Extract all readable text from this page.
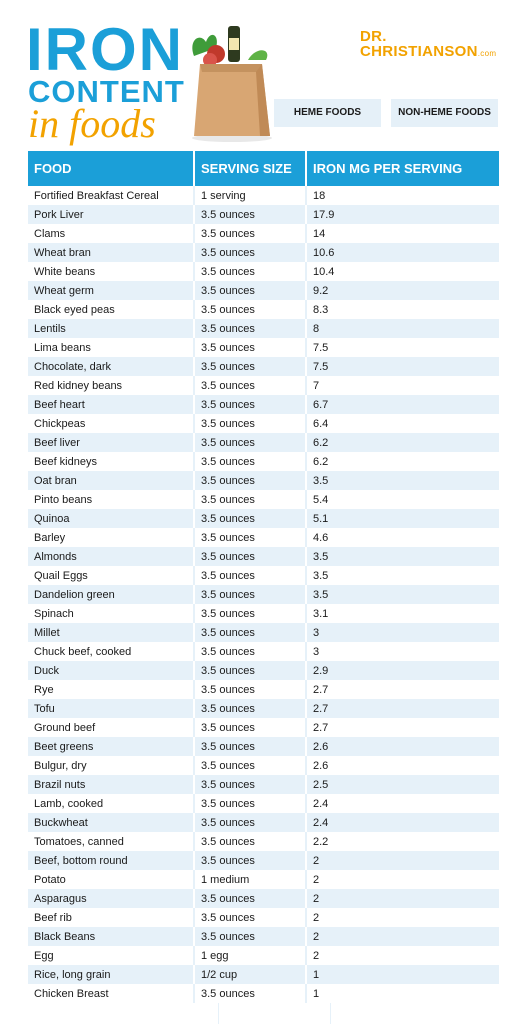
IRON
CONTENT
in foods
DR. CHRISTIANSON.com
HEME FOODS	NON-HEME FOODS
FOOD	SERVING SIZE	IRON MG PER SERVING
Fortified Breakfast Cereal	1 serving	18
Pork Liver	3.5 ounces	17.9
Clams	3.5 ounces	14
Wheat bran	3.5 ounces	10.6
White beans	3.5 ounces	10.4
Wheat germ	3.5 ounces	9.2
Black eyed peas	3.5 ounces	8.3
Lentils	3.5 ounces	8
Lima beans	3.5 ounces	7.5
Chocolate, dark	3.5 ounces	7.5
Red kidney beans	3.5 ounces	7
Beef heart	3.5 ounces	6.7
Chickpeas	3.5 ounces	6.4
Beef liver	3.5 ounces	6.2
Beef kidneys	3.5 ounces	6.2
Oat bran	3.5 ounces	3.5
Pinto beans	3.5 ounces	5.4
Quinoa	3.5 ounces	5.1
Barley	3.5 ounces	4.6
Almonds	3.5 ounces	3.5
Quail Eggs	3.5 ounces	3.5
Dandelion green	3.5 ounces	3.5
Spinach	3.5 ounces	3.1
Millet	3.5 ounces	3
Chuck beef, cooked	3.5 ounces	3
Duck	3.5 ounces	2.9
Rye	3.5 ounces	2.7
Tofu	3.5 ounces	2.7
Ground beef	3.5 ounces	2.7
Beet greens	3.5 ounces	2.6
Bulgur, dry	3.5 ounces	2.6
Brazil nuts	3.5 ounces	2.5
Lamb, cooked	3.5 ounces	2.4
Buckwheat	3.5 ounces	2.4
Tomatoes, canned	3.5 ounces	2.2
Beef, bottom round	3.5 ounces	2
Potato	1 medium	2
Asparagus	3.5 ounces	2
Beef rib	3.5 ounces	2
Black Beans	3.5 ounces	2
Egg	1 egg	2
Rice, long grain	1/2 cup	1
Chicken Breast	3.5 ounces	1
